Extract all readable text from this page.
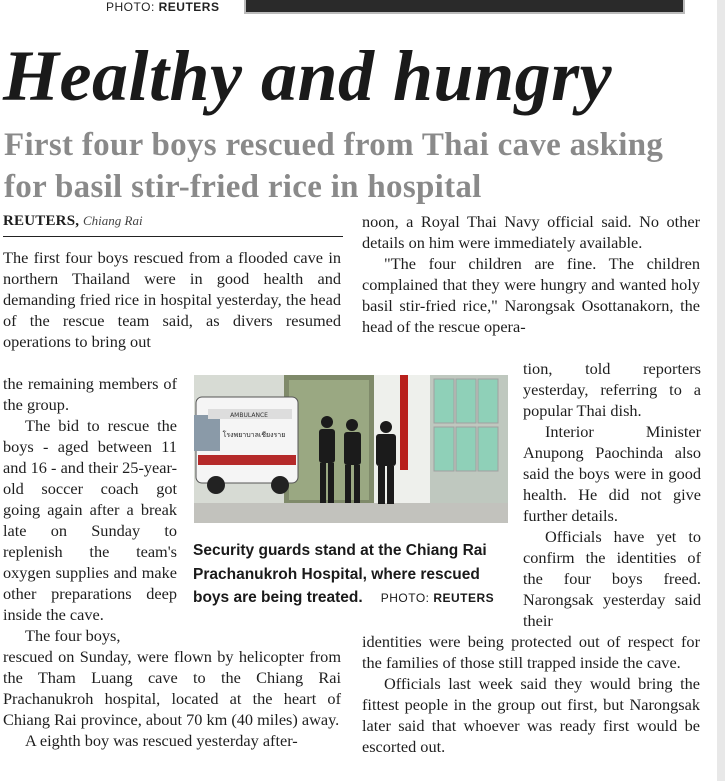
PHOTO: REUTERS
Healthy and hungry
First four boys rescued from Thai cave asking for basil stir-fried rice in hospital
REUTERS, Chiang Rai

The first four boys rescued from a flooded cave in northern Thailand were in good health and demanding fried rice in hospital yesterday, the head of the rescue team said, as divers resumed operations to bring out

the remaining members of the group.

The bid to rescue the boys - aged between 11 and 16 - and their 25-year-old soccer coach got going again after a break late on Sunday to replenish the team's oxygen supplies and make other preparations deep inside the cave.

The four boys,

rescued on Sunday, were flown by helicopter from the Tham Luang cave to the Chiang Rai Prachanukroh hospital, located at the heart of Chiang Rai province, about 70 km (40 miles) away.

A eighth boy was rescued yesterday after-

noon, a Royal Thai Navy official said. No other details on him were immediately available.

"The four children are fine. The children complained that they were hungry and wanted holy basil stir-fried rice," Narongsak Osottanakorn, the head of the rescue opera-

tion, told reporters yesterday, referring to a popular Thai dish.

Interior Minister Anupong Paochinda also said the boys were in good health. He did not give further details.

Officials have yet to confirm the identities of the four boys freed. Narongsak yesterday said their

identities were being protected out of respect for the families of those still trapped inside the cave.

Officials last week said they would bring the fittest people in the group out first, but Narongsak later said that whoever was ready first would be escorted out.

AMBULANCE
โรงพยาบาลเชียงราย
Security guards stand at the Chiang Rai Prachanukroh Hospital, where rescued boys are being treated. PHOTO: REUTERS
